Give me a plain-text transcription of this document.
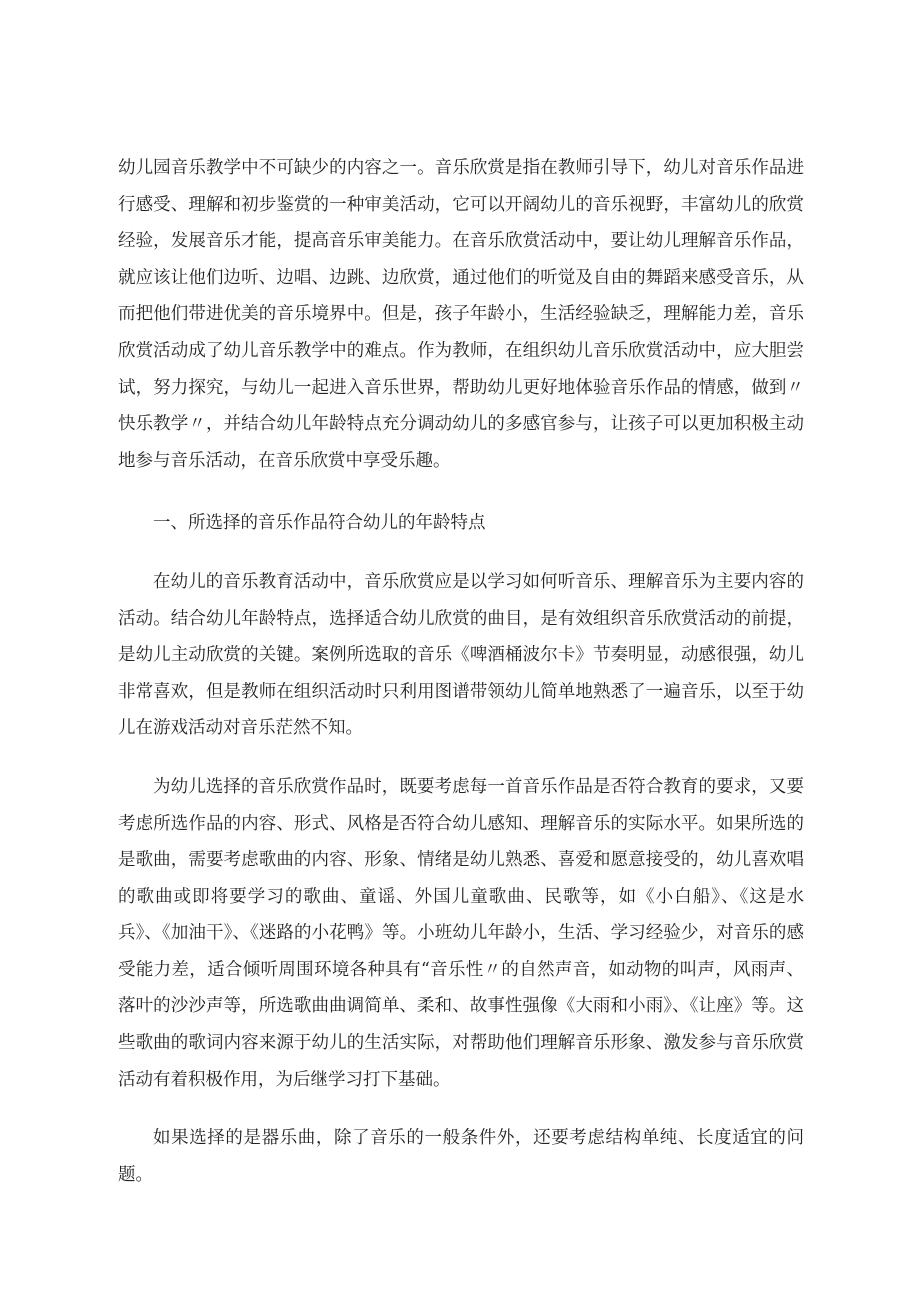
幼儿园音乐教学中不可缺少的内容之一。音乐欣赏是指在教师引导下，幼儿对音乐作品进行感受、理解和初步鉴赏的一种审美活动，它可以开阔幼儿的音乐视野，丰富幼儿的欣赏经验，发展音乐才能，提高音乐审美能力。在音乐欣赏活动中，要让幼儿理解音乐作品，就应该让他们边听、边唱、边跳、边欣赏，通过他们的听觉及自由的舞蹈来感受音乐，从而把他们带进优美的音乐境界中。但是，孩子年龄小，生活经验缺乏，理解能力差，音乐欣赏活动成了幼儿音乐教学中的难点。作为教师，在组织幼儿音乐欣赏活动中，应大胆尝试，努力探究，与幼儿一起进入音乐世界，帮助幼儿更好地体验音乐作品的情感，做到〃快乐教学〃，并结合幼儿年龄特点充分调动幼儿的多感官参与，让孩子可以更加积极主动地参与音乐活动，在音乐欣赏中享受乐趣。

一、所选择的音乐作品符合幼儿的年龄特点

在幼儿的音乐教育活动中，音乐欣赏应是以学习如何听音乐、理解音乐为主要内容的活动。结合幼儿年龄特点，选择适合幼儿欣赏的曲目，是有效组织音乐欣赏活动的前提，是幼儿主动欣赏的关键。案例所选取的音乐《啤酒桶波尔卡》节奏明显，动感很强，幼儿非常喜欢，但是教师在组织活动时只利用图谱带领幼儿简单地熟悉了一遍音乐，以至于幼儿在游戏活动对音乐茫然不知。

为幼儿选择的音乐欣赏作品时，既要考虑每一首音乐作品是否符合教育的要求，又要考虑所选作品的内容、形式、风格是否符合幼儿感知、理解音乐的实际水平。如果所选的是歌曲，需要考虑歌曲的内容、形象、情绪是幼儿熟悉、喜爱和愿意接受的，幼儿喜欢唱的歌曲或即将要学习的歌曲、童谣、外国儿童歌曲、民歌等，如《小白船》、《这是水兵》、《加油干》、《迷路的小花鸭》等。小班幼儿年龄小，生活、学习经验少，对音乐的感受能力差，适合倾听周围环境各种具有“音乐性〃的自然声音，如动物的叫声，风雨声、落叶的沙沙声等，所选歌曲曲调简单、柔和、故事性强像《大雨和小雨》、《让座》等。这些歌曲的歌词内容来源于幼儿的生活实际，对帮助他们理解音乐形象、激发参与音乐欣赏活动有着积极作用，为后继学习打下基础。

如果选择的是器乐曲，除了音乐的一般条件外，还要考虑结构单纯、长度适宜的问题。
